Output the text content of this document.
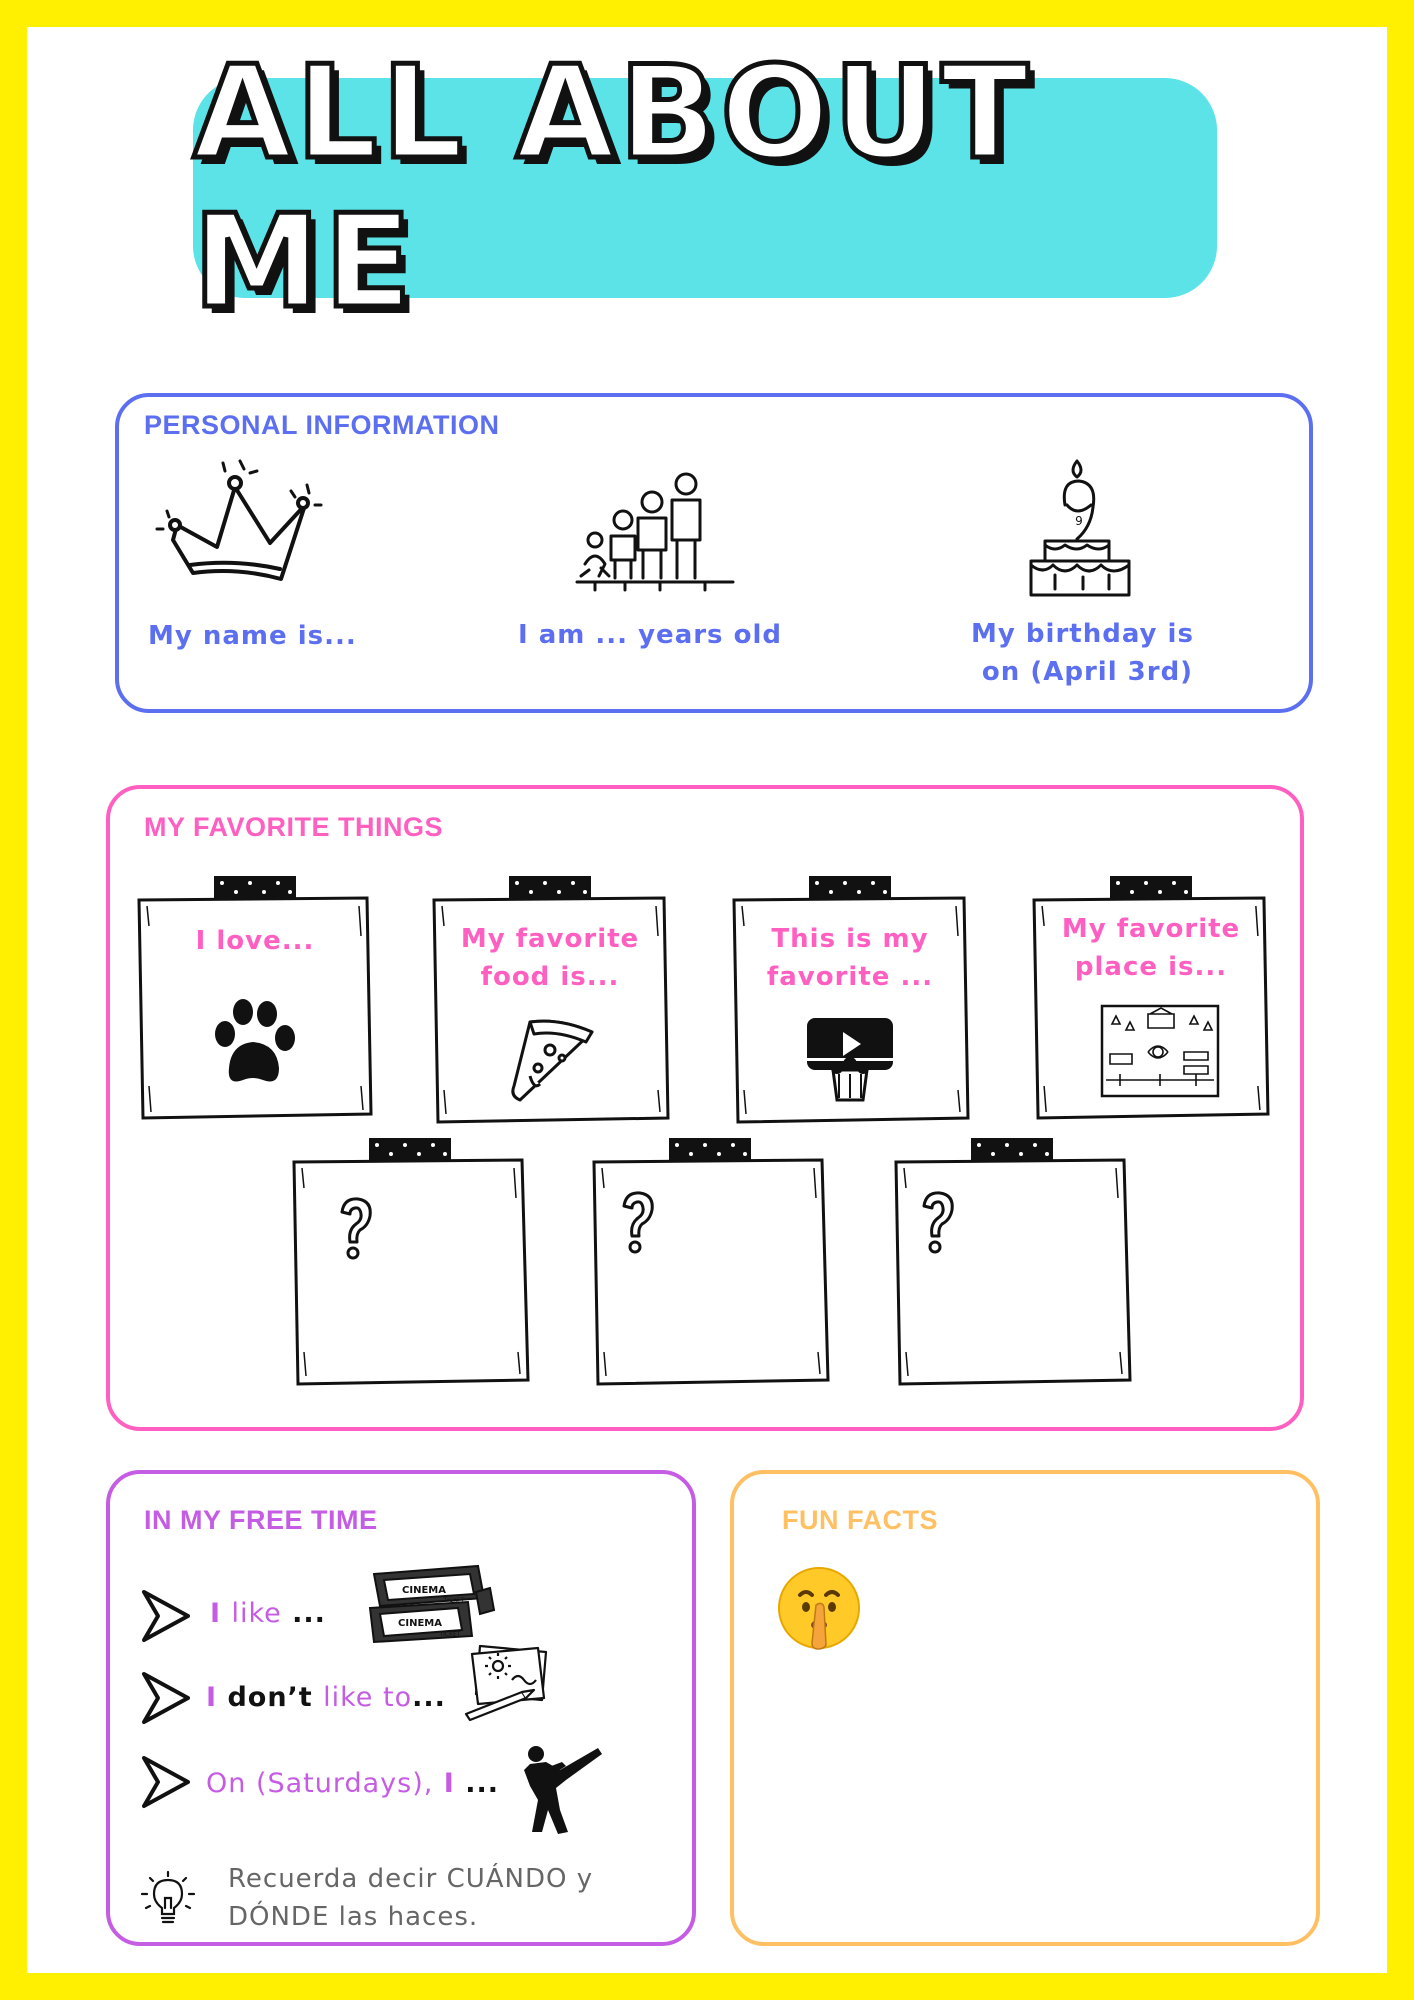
ALL ABOUT ME
PERSONAL INFORMATION
My name is...	I am ... years old
9
My birthday is
on (April 3rd)
MY FAVORITE THINGS
I love...	My favorite
food is...
This is my
favorite ...
My favorite
place is...
IN MY FREE TIME
I like ...
CINEMA
CINEMA
TICKET
TICKET
I don’t like to...
On (Saturdays), I ...
Recuerda decir CUÁNDO y
DÓNDE las haces.
FUN FACTS
